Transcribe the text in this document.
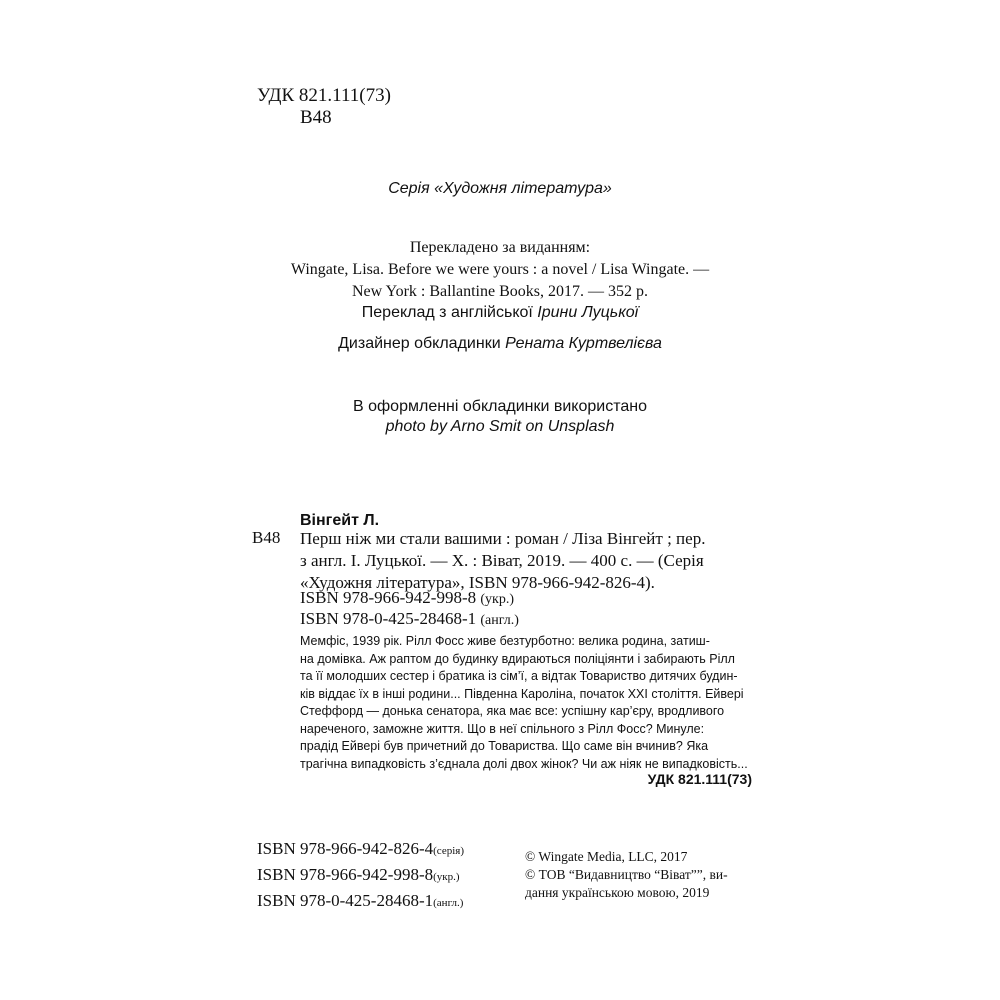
УДК 821.111(73)
В48
Серія «Художня література»
Перекладено за виданням:
Wingate, Lisa. Before we were yours : a novel / Lisa Wingate. —
New York : Ballantine Books, 2017. — 352 p.
Переклад з англійської Ірини Луцької
Дизайнер обкладинки Рената Куртвелієва
В оформленні обкладинки використано
photo by Arno Smit on Unsplash
Вінгейт Л.
В48 Перш ніж ми стали вашими : роман / Ліза Вінгейт ; пер.
з англ. І. Луцької. — Х. : Віват, 2019. — 400 с. — (Серія
«Художня література», ISBN 978-966-942-826-4).
ISBN 978-966-942-998-8 (укр.)
ISBN 978-0-425-28468-1 (англ.)
Мемфіс, 1939 рік. Рілл Фосс живе безтурботно: велика родина, затиш-
на домівка. Аж раптом до будинку вдираються поліціянти і забирають Рілл
та її молодших сестер і братика із сім’ї, а відтак Товариство дитячих будин-
ків віддає їх в інші родини... Південна Кароліна, початок XXI століття. Ейвері
Стеффорд — донька сенатора, яка має все: успішну кар’єру, вродливого
нареченого, заможне життя. Що в неї спільного з Рілл Фосс? Минуле:
прадід Ейвері був причетний до Товариства. Що саме він вчинив? Яка
трагічна випадковість з’єднала долі двох жінок? Чи аж ніяк не випадковість...
УДК 821.111(73)
ISBN 978-966-942-826-4(серія)
ISBN 978-966-942-998-8(укр.)
ISBN 978-0-425-28468-1(англ.)
© Wingate Media, LLC, 2017
© ТОВ “Видавництво “Віват””, ви-
дання українською мовою, 2019
